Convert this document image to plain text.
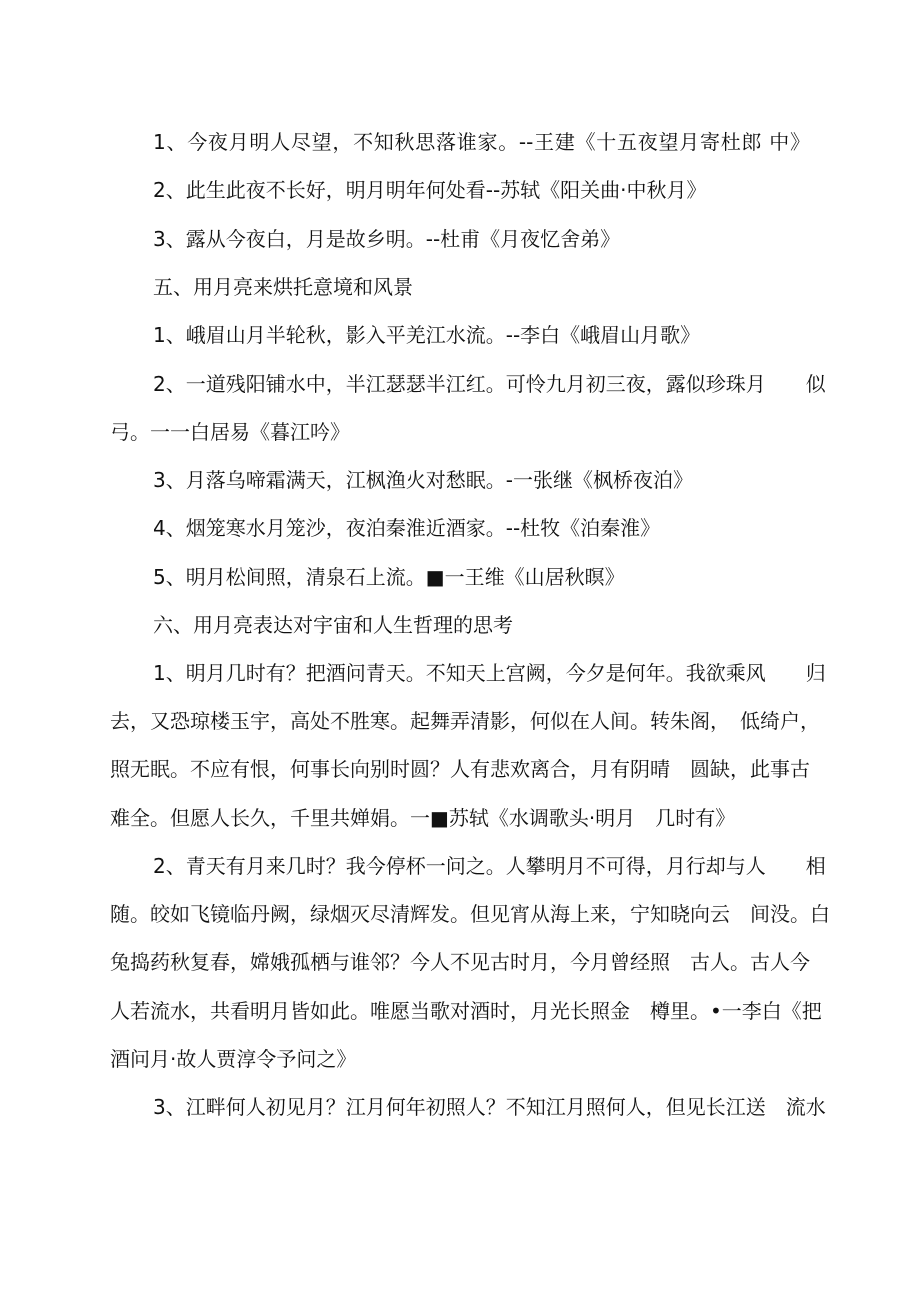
1、今夜月明人尽望，不知秋思落谁家。--王建《十五夜望月寄杜郎 中》
2、此生此夜不长好，明月明年何处看--苏轼《阳关曲·中秋月》
3、露从今夜白，月是故乡明。--杜甫《月夜忆舍弟》
五、用月亮来烘托意境和风景
1、峨眉山月半轮秋，影入平羌江水流。--李白《峨眉山月歌》
2、一道残阳铺水中，半江瑟瑟半江红。可怜九月初三夜，露似珍珠月　　似
弓。一一白居易《暮江吟》
3、月落乌啼霜满天，江枫渔火对愁眠。-一张继《枫桥夜泊》
4、烟笼寒水月笼沙，夜泊秦淮近酒家。--杜牧《泊秦淮》
5、明月松间照，清泉石上流。■一王维《山居秋暝》
六、用月亮表达对宇宙和人生哲理的思考
1、明月几时有？把酒问青天。不知天上宫阙，今夕是何年。我欲乘风　　归
去，又恐琼楼玉宇，高处不胜寒。起舞弄清影，何似在人间。转朱阁，　低绮户，
照无眠。不应有恨，何事长向别时圆？人有悲欢离合，月有阴晴　圆缺，此事古
难全。但愿人长久，千里共婵娟。一■苏轼《水调歌头·明月　几时有》
2、青天有月来几时？我今停杯一问之。人攀明月不可得，月行却与人　　相
随。皎如飞镜临丹阙，绿烟灭尽清辉发。但见宵从海上来，宁知晓向云　间没。白
兔捣药秋复春，嫦娥孤栖与谁邻？今人不见古时月，今月曾经照　古人。古人今
人若流水，共看明月皆如此。唯愿当歌对酒时，月光长照金　樽里。•一李白《把
酒问月·故人贾淳令予问之》
3、江畔何人初见月？江月何年初照人？不知江月照何人，但见长江送　流水
